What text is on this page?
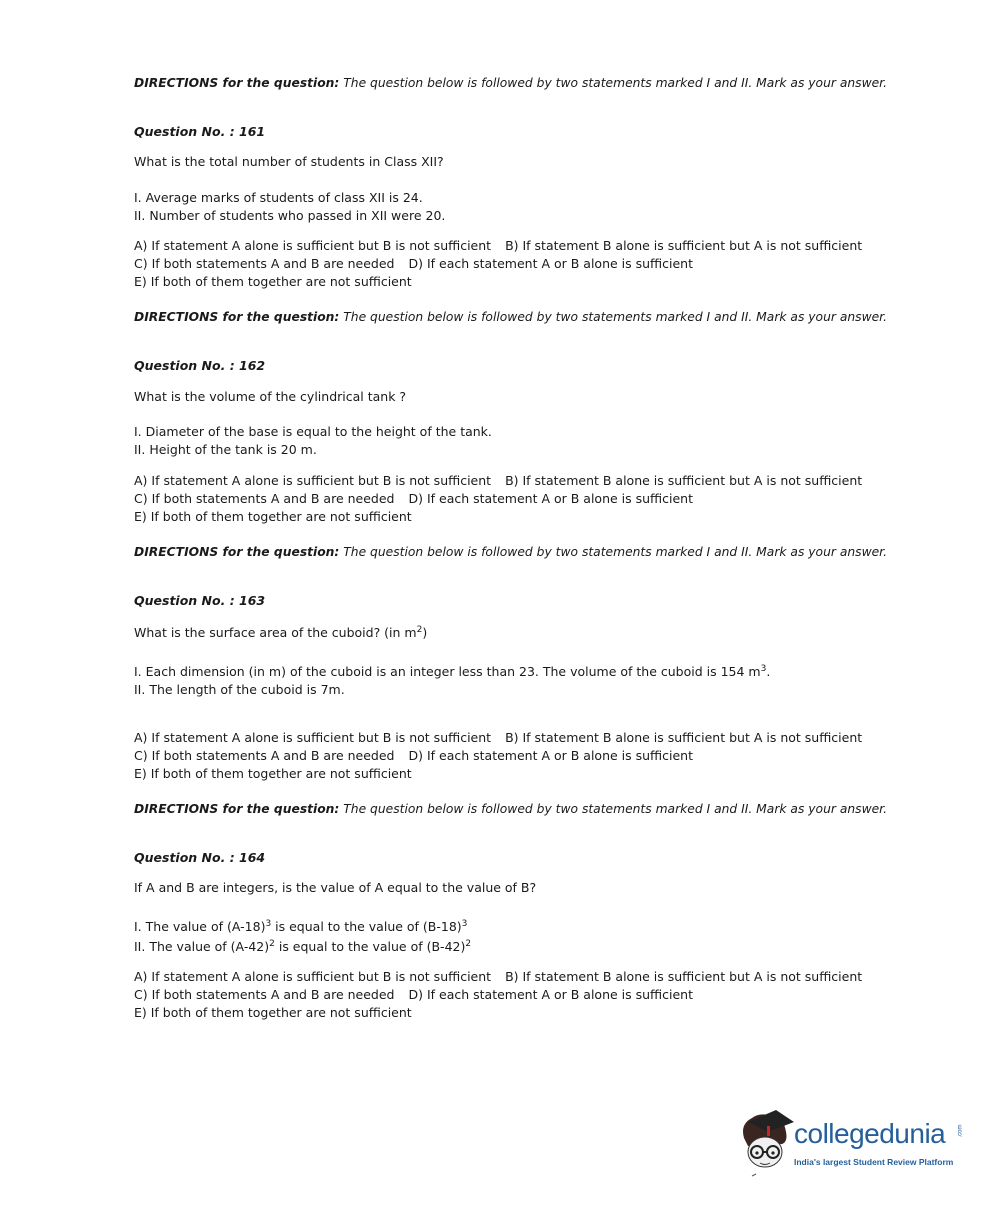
DIRECTIONS for the question: The question below is followed by two statements marked I and II. Mark as your answer.
Question No. : 161
What is the total number of students in Class XII?
I. Average marks of students of class XII is 24.
II. Number of students who passed in XII were 20.
A) If statement A alone is sufficient but B is not sufficient B) If statement B alone is sufficient but A is not sufficient
C) If both statements A and B are needed D) If each statement A or B alone is sufficient
E) If both of them together are not sufficient
DIRECTIONS for the question: The question below is followed by two statements marked I and II. Mark as your answer.
Question No. : 162
What is the volume of the cylindrical tank ?
I. Diameter of the base is equal to the height of the tank.
II. Height of the tank is 20 m.
A) If statement A alone is sufficient but B is not sufficient B) If statement B alone is sufficient but A is not sufficient
C) If both statements A and B are needed D) If each statement A or B alone is sufficient
E) If both of them together are not sufficient
DIRECTIONS for the question: The question below is followed by two statements marked I and II. Mark as your answer.
Question No. : 163
What is the surface area of the cuboid? (in $m^2$)
I. Each dimension (in m) of the cuboid is an integer less than 23. The volume of the cuboid is 154 $m^3$.
II. The length of the cuboid is 7m.
A) If statement A alone is sufficient but B is not sufficient B) If statement B alone is sufficient but A is not sufficient
C) If both statements A and B are needed D) If each statement A or B alone is sufficient
E) If both of them together are not sufficient
DIRECTIONS for the question: The question below is followed by two statements marked I and II. Mark as your answer.
Question No. : 164
If A and B are integers, is the value of A equal to the value of B?
I. The value of $(A-18)^3$ is equal to the value of $(B-18)^3$
II. The value of $(A-42)^2$ is equal to the value of $(B-42)^2$
A) If statement A alone is sufficient but B is not sufficient B) If statement B alone is sufficient but A is not sufficient
C) If both statements A and B are needed D) If each statement A or B alone is sufficient
E) If both of them together are not sufficient
collegedunia .com
India's largest Student Review Platform
